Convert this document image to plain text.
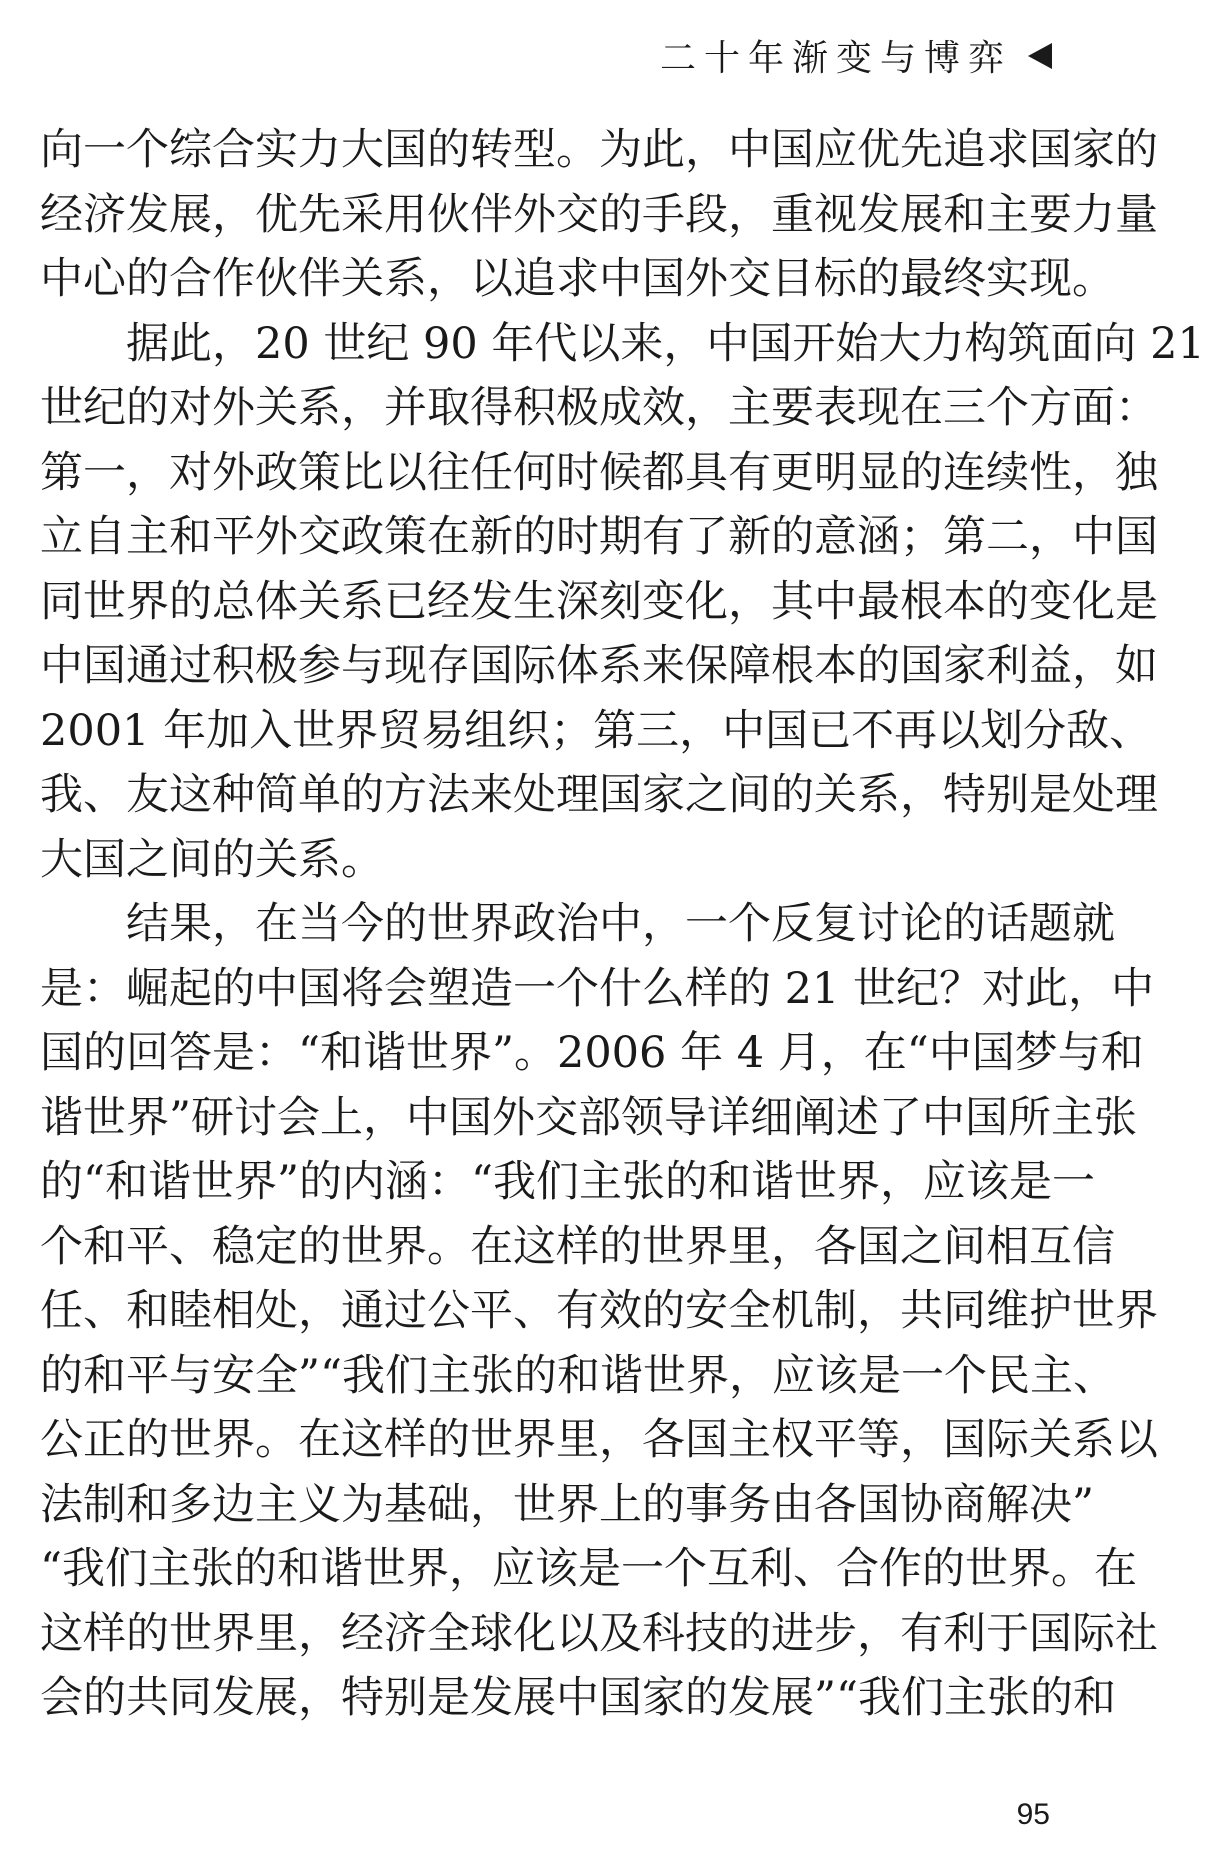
二十年渐变与博弈
向一个综合实力大国的转型。为此，中国应优先追求国家的
经济发展，优先采用伙伴外交的手段，重视发展和主要力量
中心的合作伙伴关系，以追求中国外交目标的最终实现。
据此，20 世纪 90 年代以来，中国开始大力构筑面向 21
世纪的对外关系，并取得积极成效，主要表现在三个方面：
第一，对外政策比以往任何时候都具有更明显的连续性，独
立自主和平外交政策在新的时期有了新的意涵；第二，中国
同世界的总体关系已经发生深刻变化，其中最根本的变化是
中国通过积极参与现存国际体系来保障根本的国家利益，如
2001 年加入世界贸易组织；第三，中国已不再以划分敌、
我、友这种简单的方法来处理国家之间的关系，特别是处理
大国之间的关系。
结果，在当今的世界政治中，一个反复讨论的话题就
是：崛起的中国将会塑造一个什么样的 21 世纪？对此，中
国的回答是：“和谐世界”。2006 年 4 月，在“中国梦与和
谐世界”研讨会上，中国外交部领导详细阐述了中国所主张
的“和谐世界”的内涵：“我们主张的和谐世界，应该是一
个和平、稳定的世界。在这样的世界里，各国之间相互信
任、和睦相处，通过公平、有效的安全机制，共同维护世界
的和平与安全”“我们主张的和谐世界，应该是一个民主、
公正的世界。在这样的世界里，各国主权平等，国际关系以
法制和多边主义为基础，世界上的事务由各国协商解决”
“我们主张的和谐世界，应该是一个互利、合作的世界。在
这样的世界里，经济全球化以及科技的进步，有利于国际社
会的共同发展，特别是发展中国家的发展”“我们主张的和
95
